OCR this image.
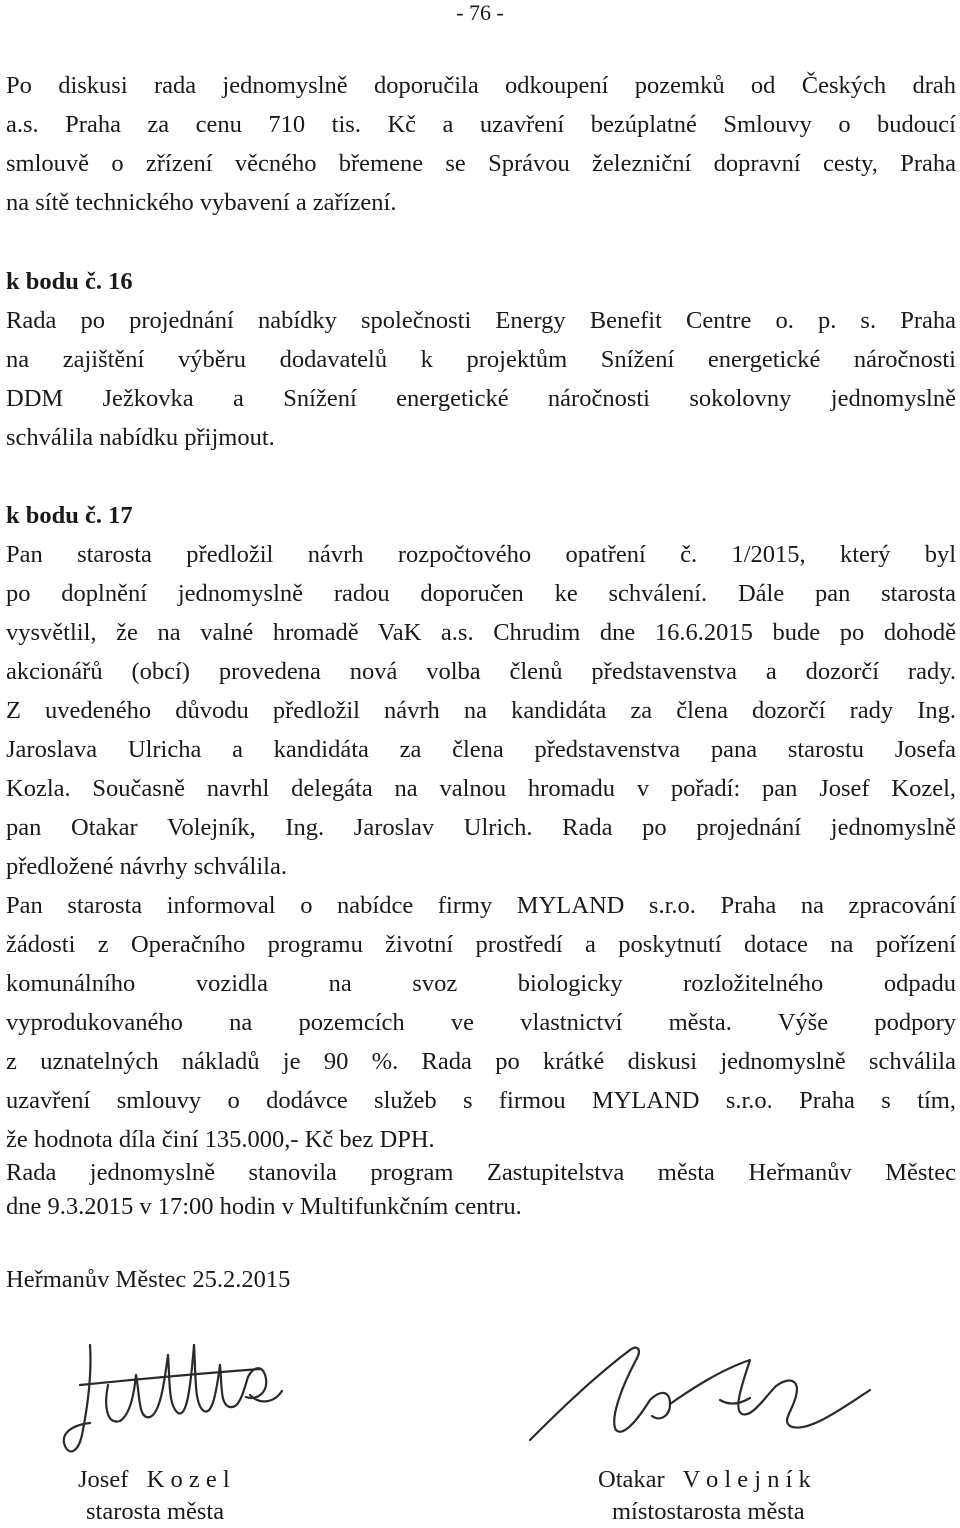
- 76 -
Po diskusi rada jednomyslně doporučila odkoupení pozemků od Českých drah
a.s. Praha za cenu 710 tis. Kč a uzavření bezúplatné Smlouvy o budoucí
smlouvě o zřízení věcného břemene se Správou železniční dopravní cesty, Praha
na sítě technického vybavení a zařízení.
k bodu č. 16
Rada po projednání nabídky společnosti Energy Benefit Centre o. p. s. Praha
na zajištění výběru dodavatelů k projektům Snížení energetické náročnosti
DDM Ježkovka a Snížení energetické náročnosti sokolovny jednomyslně
schválila nabídku přijmout.
k bodu č. 17
Pan starosta předložil návrh rozpočtového opatření č. 1/2015, který byl
po doplnění jednomyslně radou doporučen ke schválení. Dále pan starosta
vysvětlil, že na valné hromadě VaK a.s. Chrudim dne 16.6.2015 bude po dohodě
akcionářů (obcí) provedena nová volba členů představenstva a dozorčí rady.
Z uvedeného důvodu předložil návrh na kandidáta za člena dozorčí rady Ing.
Jaroslava Ulricha a kandidáta za člena představenstva pana starostu Josefa
Kozla. Současně navrhl delegáta na valnou hromadu v pořadí: pan Josef Kozel,
pan Otakar Volejník, Ing. Jaroslav Ulrich. Rada po projednání jednomyslně
předložené návrhy schválila.
Pan starosta informoval o nabídce firmy MYLAND s.r.o. Praha na zpracování
žádosti z Operačního programu životní prostředí a poskytnutí dotace na pořízení
komunálního vozidla na svoz biologicky rozložitelného odpadu
vyprodukovaného na pozemcích ve vlastnictví města. Výše podpory
z uznatelných nákladů je 90 %. Rada po krátké diskusi jednomyslně schválila
uzavření smlouvy o dodávce služeb s firmou MYLAND s.r.o. Praha s tím,
že hodnota díla činí 135.000,- Kč bez DPH.
Rada jednomyslně stanovila program Zastupitelstva města Heřmanův Městec
dne 9.3.2015 v 17:00 hodin v Multifunkčním centru.
Heřmanův Městec 25.2.2015
Josef   K o z e l
starosta města
Otakar   V o l e j n í k
místostarosta města
